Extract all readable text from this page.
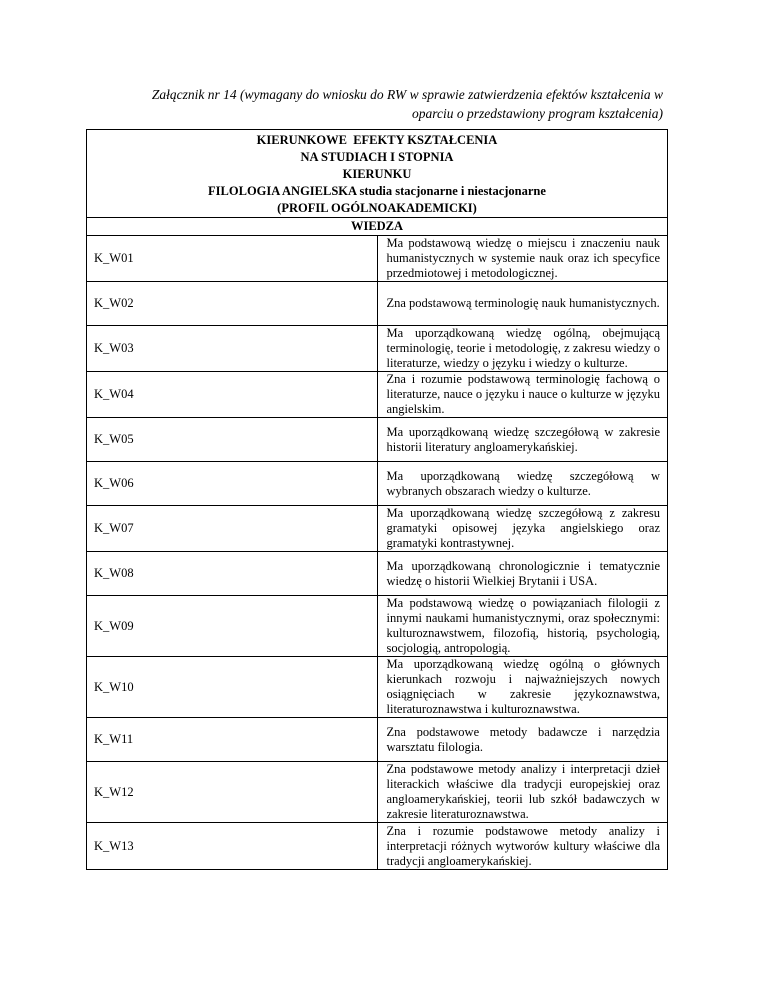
Załącznik nr 14 (wymagany do wniosku do RW w sprawie zatwierdzenia efektów kształcenia w oparciu o przedstawiony program kształcenia)
KIERUNKOWE  EFEKTY KSZTAŁCENIA
NA STUDIACH I STOPNIA
KIERUNKU
FILOLOGIA ANGIELSKA studia stacjonarne i niestacjonarne
(PROFIL OGÓLNOAKADEMICKI)	

WIEDZA	
K_W01	Ma podstawową wiedzę o miejscu i znaczeniu nauk humanistycznych w systemie nauk oraz ich specyfice przedmiotowej i metodologicznej.
K_W02	Zna podstawową terminologię nauk humanistycznych.
K_W03	Ma uporządkowaną wiedzę ogólną, obejmującą terminologię, teorie i metodologię, z zakresu wiedzy o literaturze, wiedzy o języku i wiedzy o kulturze.
K_W04	Zna i rozumie podstawową terminologię fachową o literaturze, nauce o języku i nauce o kulturze w języku angielskim.
K_W05	Ma uporządkowaną wiedzę szczegółową w zakresie historii literatury angloamerykańskiej.
K_W06	Ma uporządkowaną wiedzę szczegółową w wybranych obszarach wiedzy o kulturze.
K_W07	Ma uporządkowaną wiedzę szczegółową z zakresu gramatyki opisowej języka angielskiego oraz gramatyki kontrastywnej.
K_W08	Ma uporządkowaną chronologicznie i tematycznie wiedzę o historii Wielkiej Brytanii i USA.
K_W09	Ma podstawową wiedzę o powiązaniach filologii z innymi naukami humanistycznymi, oraz społecznymi: kulturoznawstwem, filozofią, historią, psychologią, socjologią, antropologią.
K_W10	Ma uporządkowaną wiedzę ogólną o głównych kierunkach rozwoju i najważniejszych nowych osiągnięciach w zakresie językoznawstwa, literaturoznawstwa i kulturoznawstwa.
K_W11	Zna podstawowe metody badawcze i narzędzia warsztatu filologia.
K_W12	Zna podstawowe metody analizy i interpretacji dzieł literackich właściwe dla tradycji europejskiej oraz angloamerykańskiej, teorii lub szkół badawczych w zakresie literaturoznawstwa.
K_W13	Zna i rozumie podstawowe metody analizy i interpretacji różnych wytworów kultury właściwe dla tradycji angloamerykańskiej.
